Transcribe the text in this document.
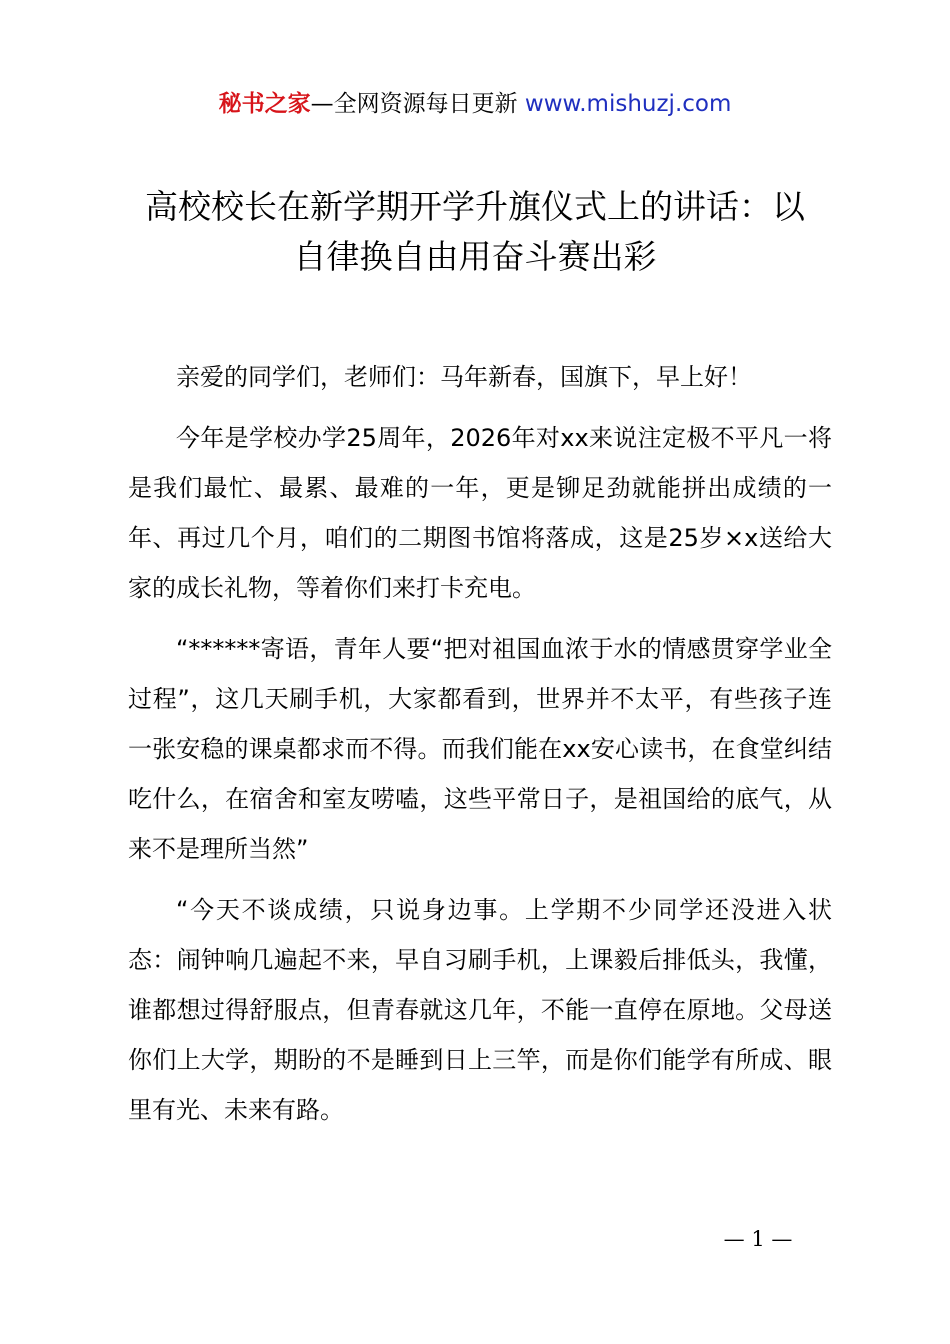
秘书之家—全网资源每日更新 www.mishuzj.com
高校校长在新学期开学升旗仪式上的讲话：以
自律换自由用奋斗赛出彩

亲爱的同学们，老师们：马年新春，国旗下，早上好！

今年是学校办学25周年，2026年对xx来说注定极不平凡一将是我们最忙、最累、最难的一年，更是铆足劲就能拼出成绩的一年、再过几个月，咱们的二期图书馆将落成，这是25岁×x送给大家的成长礼物，等着你们来打卡充电。

“******寄语，青年人要“把对祖国血浓于水的情感贯穿学业全过程”，这几天刷手机，大家都看到，世界并不太平，有些孩子连一张安稳的课桌都求而不得。而我们能在xx安心读书，在食堂纠结吃什么，在宿舍和室友唠嗑，这些平常日子，是祖国给的底气，从来不是理所当然”

“今天不谈成绩，只说身边事。上学期不少同学还没进入状态：闹钟响几遍起不来，早自习刷手机，上课毅后排低头，我懂，谁都想过得舒服点，但青春就这几年，不能一直停在原地。父母送你们上大学，期盼的不是睡到日上三竿，而是你们能学有所成、眼里有光、未来有路。

— 1 —
